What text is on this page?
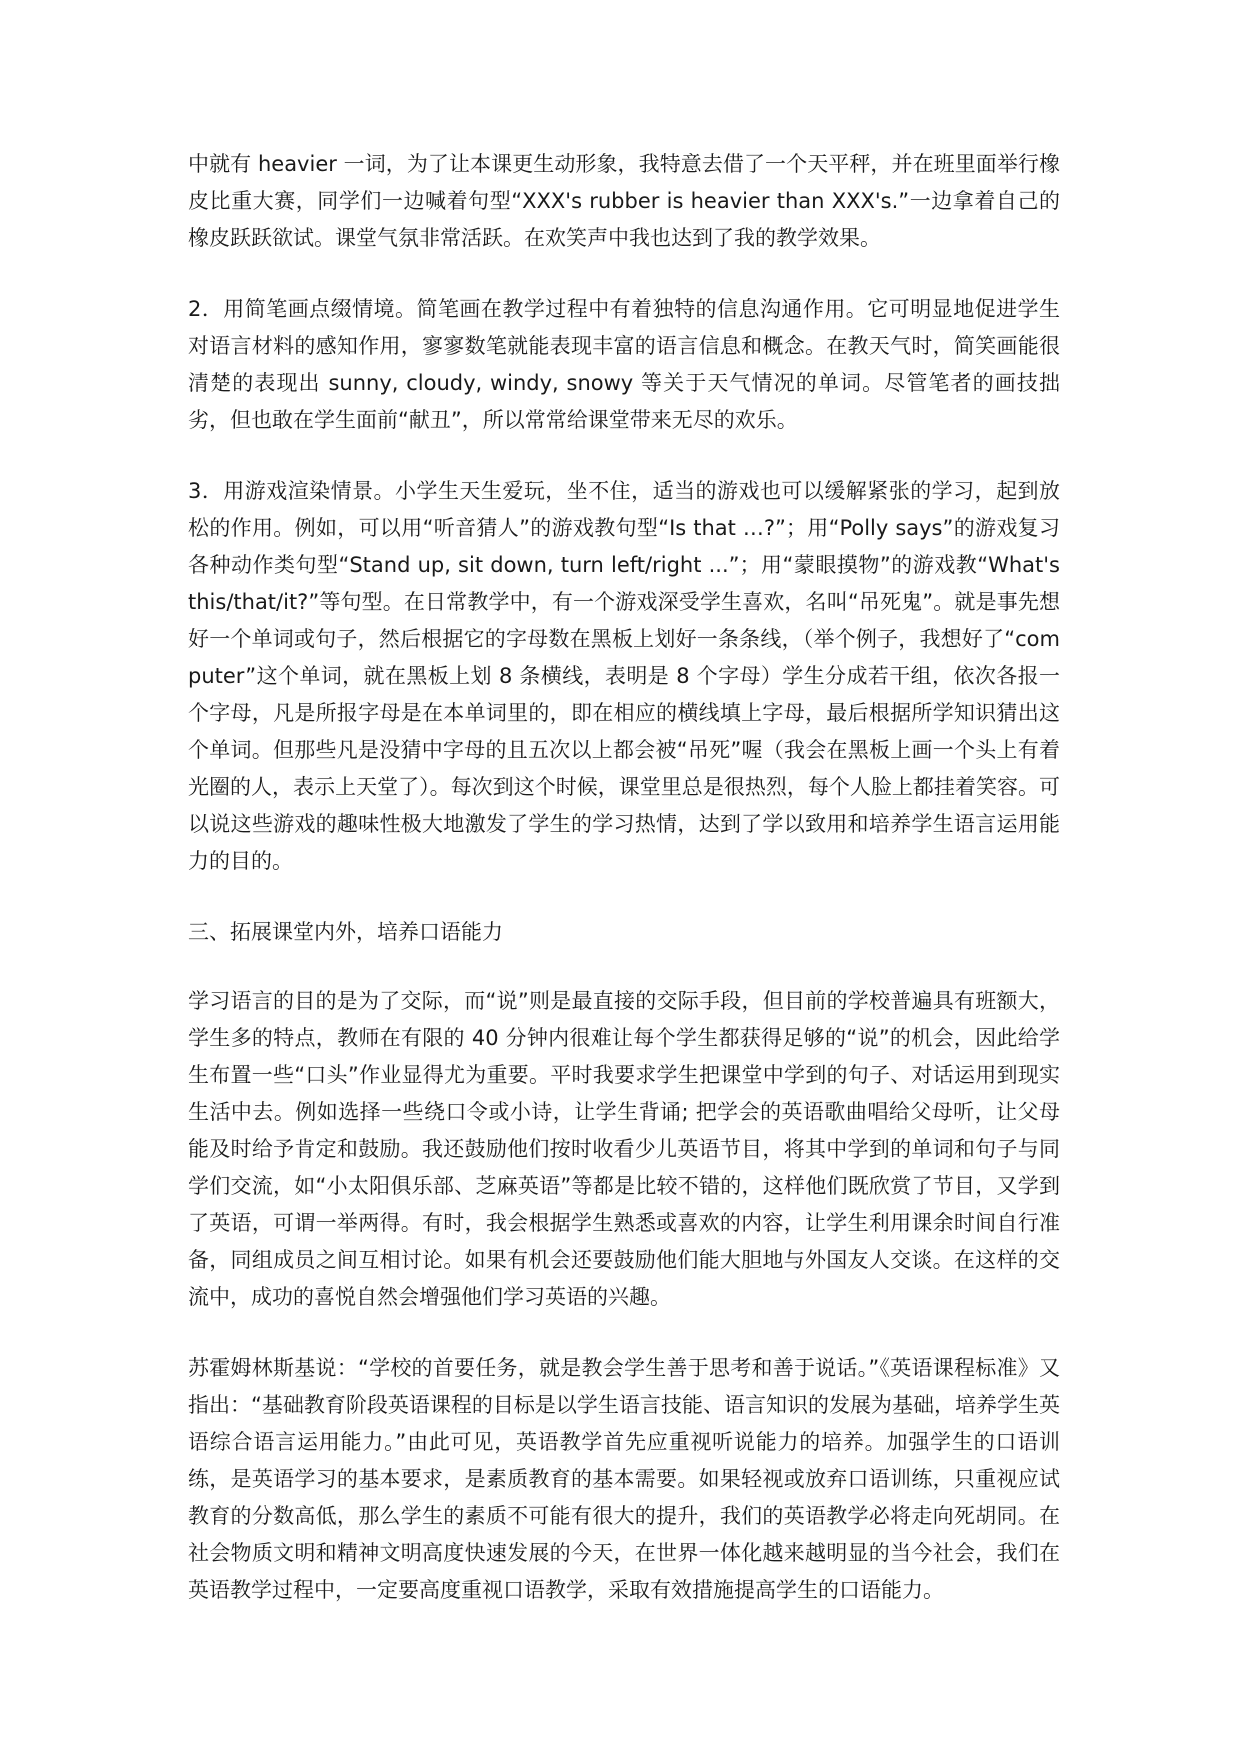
中就有 heavier 一词，为了让本课更生动形象，我特意去借了一个天平秤，并在班里面举行橡皮比重大赛，同学们一边喊着句型“XXX's rubber is heavier than XXX's.”一边拿着自己的橡皮跃跃欲试。课堂气氛非常活跃。在欢笑声中我也达到了我的教学效果。

2．用简笔画点缀情境。简笔画在教学过程中有着独特的信息沟通作用。它可明显地促进学生对语言材料的感知作用，寥寥数笔就能表现丰富的语言信息和概念。在教天气时，简笑画能很清楚的表现出 sunny, cloudy, windy, snowy 等关于天气情况的单词。尽管笔者的画技拙劣，但也敢在学生面前“献丑”，所以常常给课堂带来无尽的欢乐。

3．用游戏渲染情景。小学生天生爱玩，坐不住，适当的游戏也可以缓解紧张的学习，起到放松的作用。例如，可以用“听音猜人”的游戏教句型“Is that …?”；用“Polly says”的游戏复习各种动作类句型“Stand up, sit down, turn left/right ...”；用“蒙眼摸物”的游戏教“What's this/that/it?”等句型。在日常教学中，有一个游戏深受学生喜欢，名叫“吊死鬼”。就是事先想好一个单词或句子，然后根据它的字母数在黑板上划好一条条线，（举个例子，我想好了“computer”这个单词，就在黑板上划 8 条横线，表明是 8 个字母）学生分成若干组，依次各报一个字母，凡是所报字母是在本单词里的，即在相应的横线填上字母，最后根据所学知识猜出这个单词。但那些凡是没猜中字母的且五次以上都会被“吊死”喔（我会在黑板上画一个头上有着光圈的人，表示上天堂了）。每次到这个时候，课堂里总是很热烈，每个人脸上都挂着笑容。可以说这些游戏的趣味性极大地激发了学生的学习热情，达到了学以致用和培养学生语言运用能力的目的。

三、拓展课堂内外，培养口语能力

学习语言的目的是为了交际，而“说”则是最直接的交际手段，但目前的学校普遍具有班额大，学生多的特点，教师在有限的 40 分钟内很难让每个学生都获得足够的“说”的机会，因此给学生布置一些“口头”作业显得尤为重要。平时我要求学生把课堂中学到的句子、对话运用到现实生活中去。例如选择一些绕口令或小诗，让学生背诵; 把学会的英语歌曲唱给父母听，让父母能及时给予肯定和鼓励。我还鼓励他们按时收看少儿英语节目，将其中学到的单词和句子与同学们交流，如“小太阳俱乐部、芝麻英语”等都是比较不错的，这样他们既欣赏了节目，又学到了英语，可谓一举两得。有时，我会根据学生熟悉或喜欢的内容，让学生利用课余时间自行准备，同组成员之间互相讨论。如果有机会还要鼓励他们能大胆地与外国友人交谈。在这样的交流中，成功的喜悦自然会增强他们学习英语的兴趣。

苏霍姆林斯基说：“学校的首要任务，就是教会学生善于思考和善于说话。”《英语课程标准》又指出：“基础教育阶段英语课程的目标是以学生语言技能、语言知识的发展为基础，培养学生英语综合语言运用能力。”由此可见，英语教学首先应重视听说能力的培养。加强学生的口语训练，是英语学习的基本要求，是素质教育的基本需要。如果轻视或放弃口语训练，只重视应试教育的分数高低，那么学生的素质不可能有很大的提升，我们的英语教学必将走向死胡同。在社会物质文明和精神文明高度快速发展的今天，在世界一体化越来越明显的当今社会，我们在英语教学过程中，一定要高度重视口语教学，采取有效措施提高学生的口语能力。
